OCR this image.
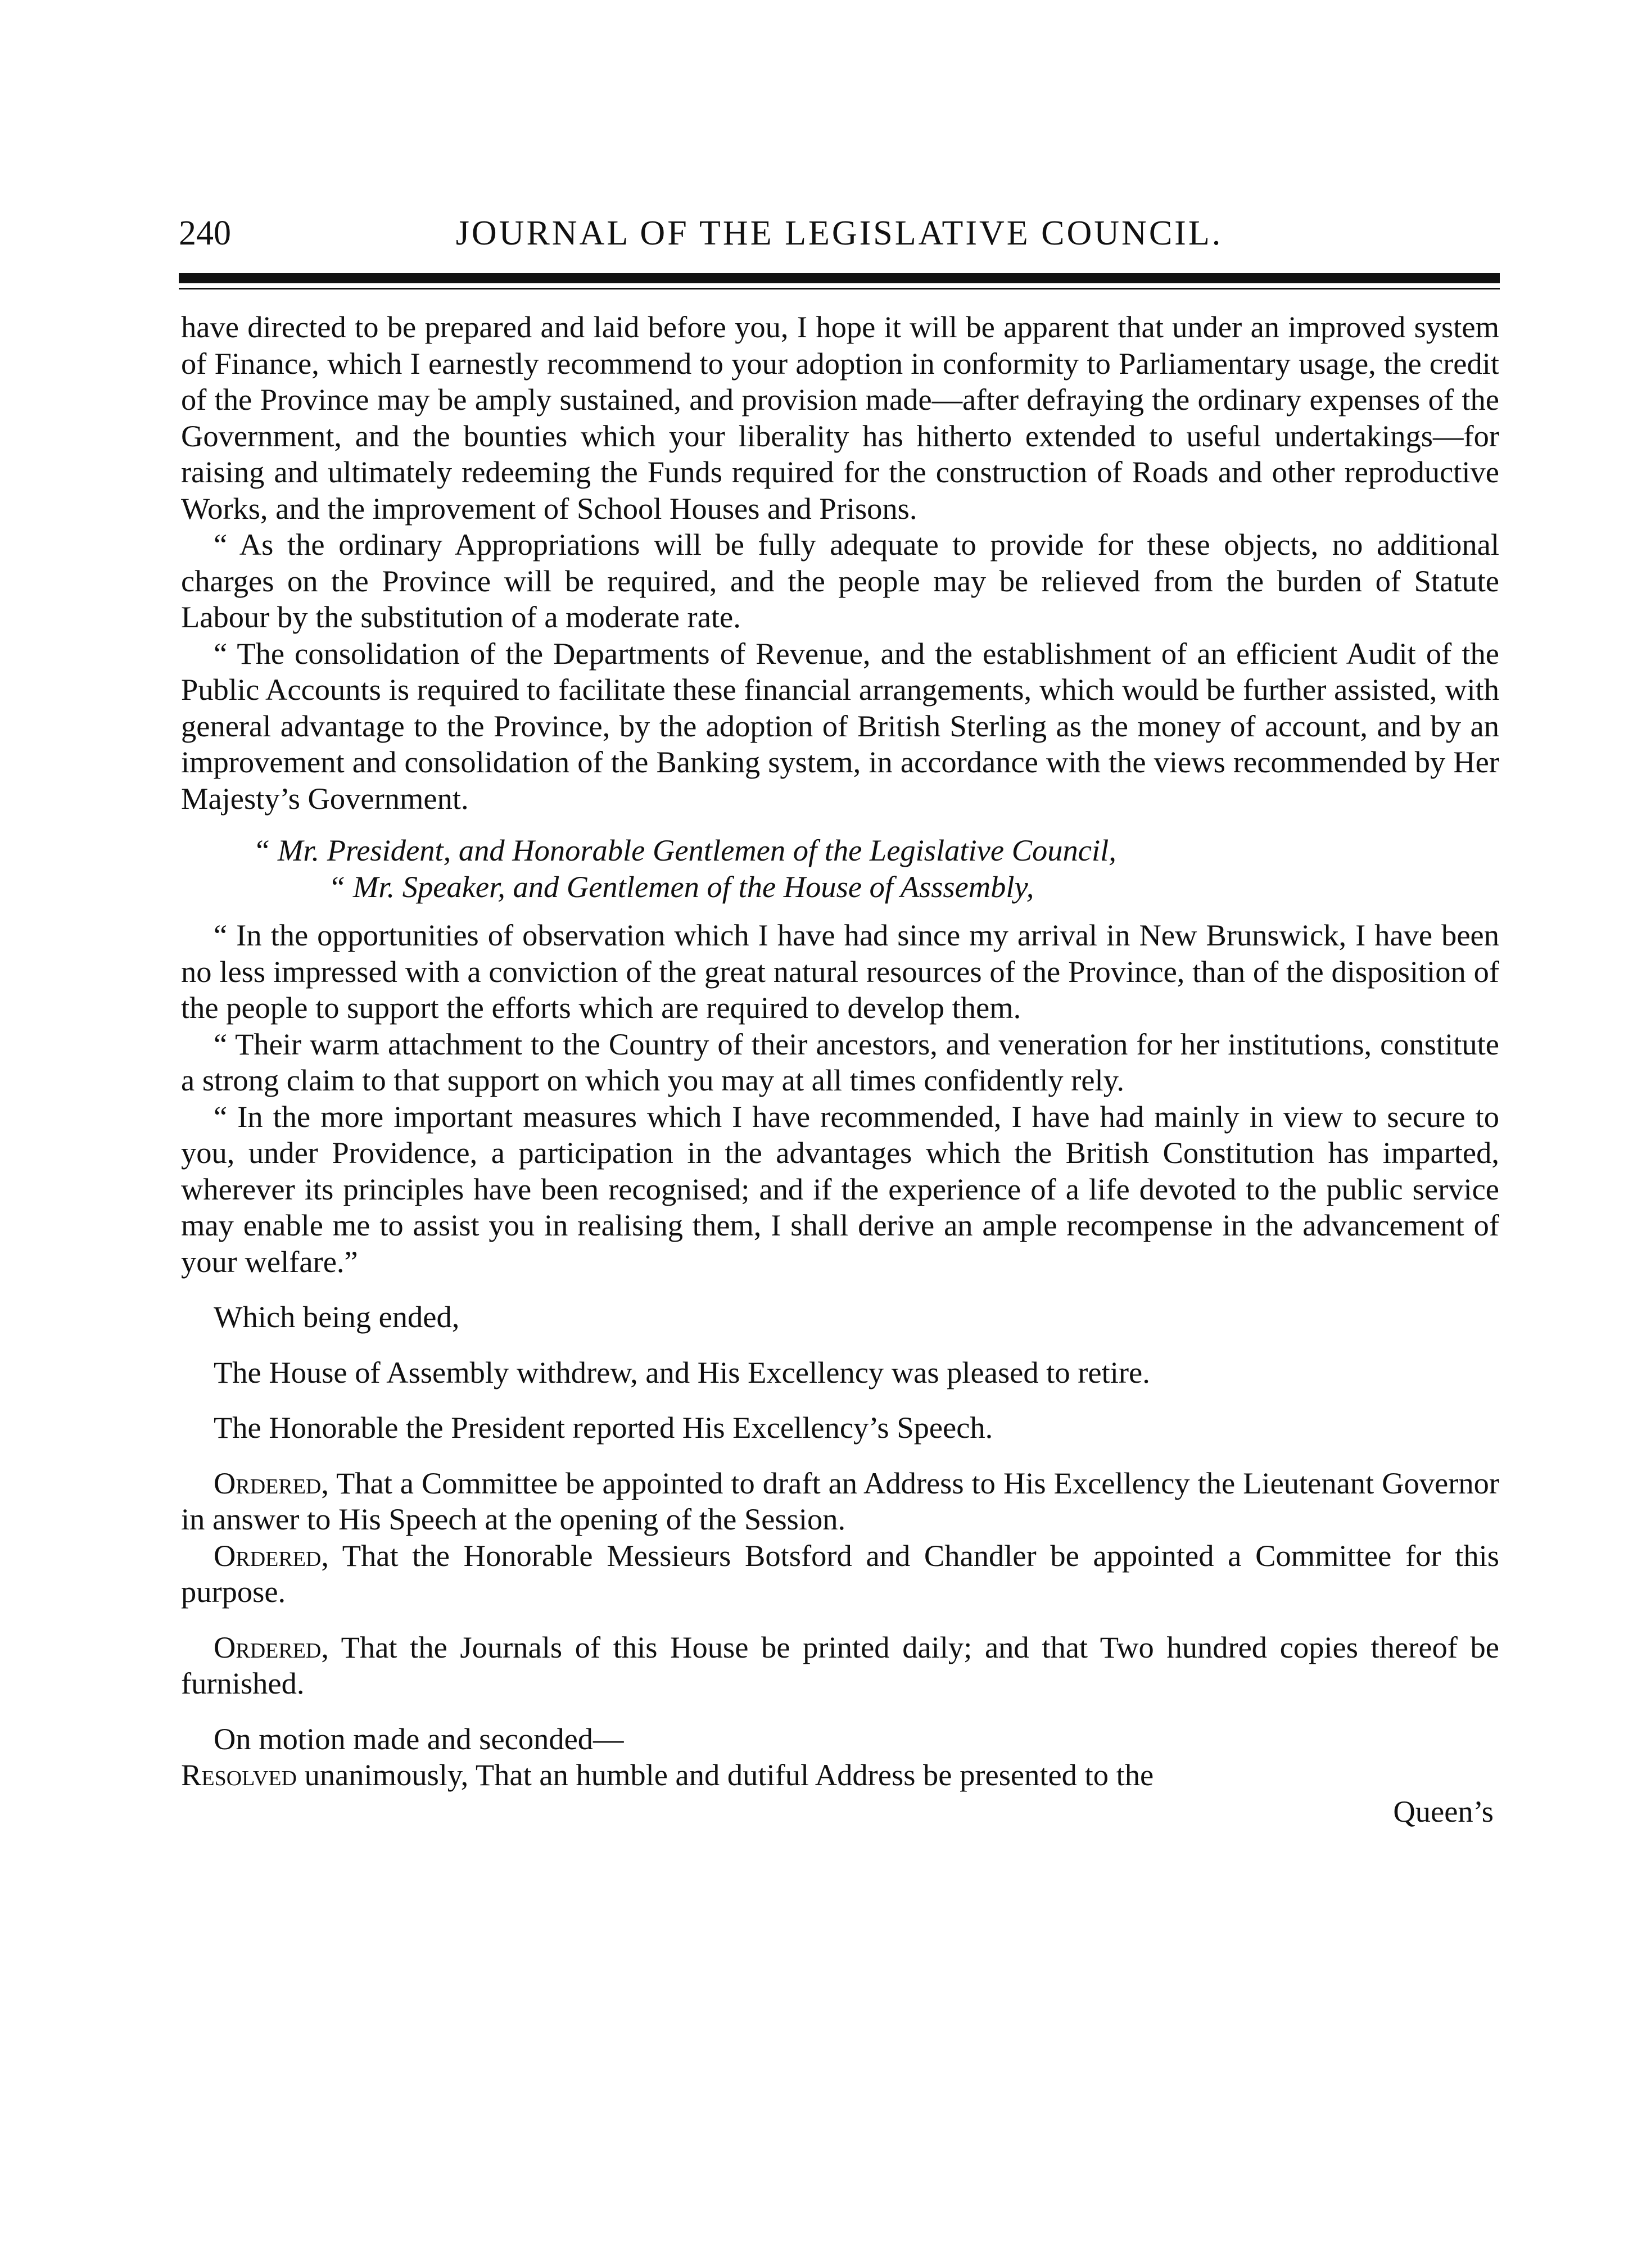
240	JOURNAL OF THE LEGISLATIVE COUNCIL.

have directed to be prepared and laid before you, I hope it will be apparent that under an improved system of Finance, which I earnestly recommend to your adoption in conformity to Parliamentary usage, the credit of the Province may be amply sustained, and provision made—after defraying the ordinary expenses of the Government, and the bounties which your liberality has hitherto extended to useful undertakings—for raising and ultimately redeeming the Funds required for the construction of Roads and other reproductive Works, and the improvement of School Houses and Prisons.

“ As the ordinary Appropriations will be fully adequate to provide for these objects, no additional charges on the Province will be required, and the people may be relieved from the burden of Statute Labour by the substitution of a moderate rate.

“ The consolidation of the Departments of Revenue, and the establishment of an efficient Audit of the Public Accounts is required to facilitate these financial arrangements, which would be further assisted, with general advantage to the Province, by the adoption of British Sterling as the money of account, and by an improvement and consolidation of the Banking system, in accordance with the views recommended by Her Majesty’s Government.

“ Mr. President, and Honorable Gentlemen of the Legislative Council,

“ Mr. Speaker, and Gentlemen of the House of Asssembly,

“ In the opportunities of observation which I have had since my arrival in New Brunswick, I have been no less impressed with a conviction of the great natural resources of the Province, than of the disposition of the people to support the efforts which are required to develop them.

“ Their warm attachment to the Country of their ancestors, and veneration for her institutions, constitute a strong claim to that support on which you may at all times confidently rely.

“ In the more important measures which I have recommended, I have had mainly in view to secure to you, under Providence, a participation in the advantages which the British Constitution has imparted, wherever its principles have been recognised; and if the experience of a life devoted to the public service may enable me to assist you in realising them, I shall derive an ample recompense in the advancement of your welfare.”

Which being ended,

The House of Assembly withdrew, and His Excellency was pleased to retire.

The Honorable the President reported His Excellency’s Speech.

Ordered, That a Committee be appointed to draft an Address to His Excellency the Lieutenant Governor in answer to His Speech at the opening of the Session.

Ordered, That the Honorable Messieurs Botsford and Chandler be appointed a Committee for this purpose.

Ordered, That the Journals of this House be printed daily; and that Two hundred copies thereof be furnished.

On motion made and seconded—

Resolved unanimously, That an humble and dutiful Address be presented to the

Queen’s
